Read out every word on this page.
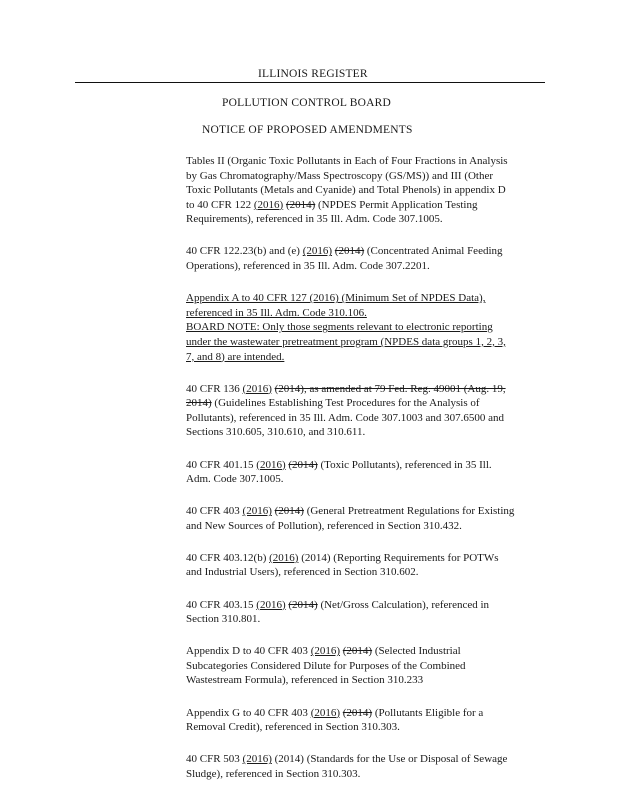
ILLINOIS REGISTER
POLLUTION CONTROL BOARD
NOTICE OF PROPOSED AMENDMENTS
Tables II (Organic Toxic Pollutants in Each of Four Fractions in Analysis
by Gas Chromatography/Mass Spectroscopy (GS/MS)) and III (Other
Toxic Pollutants (Metals and Cyanide) and Total Phenols) in appendix D
to 40 CFR 122 (2016) (2014) (NPDES Permit Application Testing
Requirements), referenced in 35 Ill. Adm. Code 307.1005.
40 CFR 122.23(b) and (e) (2016) (2014) (Concentrated Animal Feeding
Operations), referenced in 35 Ill. Adm. Code 307.2201.
Appendix A to 40 CFR 127 (2016) (Minimum Set of NPDES Data),
referenced in 35 Ill. Adm. Code 310.106.
BOARD NOTE: Only those segments relevant to electronic reporting
under the wastewater pretreatment program (NPDES data groups 1, 2, 3,
7, and 8) are intended.
40 CFR 136 (2016) (2014), as amended at 79 Fed. Reg. 49001 (Aug. 19,
2014) (Guidelines Establishing Test Procedures for the Analysis of
Pollutants), referenced in 35 Ill. Adm. Code 307.1003 and 307.6500 and
Sections 310.605, 310.610, and 310.611.
40 CFR 401.15 (2016) (2014) (Toxic Pollutants), referenced in 35 Ill.
Adm. Code 307.1005.
40 CFR 403 (2016) (2014) (General Pretreatment Regulations for Existing
and New Sources of Pollution), referenced in Section 310.432.
40 CFR 403.12(b) (2016) (2014) (Reporting Requirements for POTWs
and Industrial Users), referenced in Section 310.602.
40 CFR 403.15 (2016) (2014) (Net/Gross Calculation), referenced in
Section 310.801.
Appendix D to 40 CFR 403 (2016) (2014) (Selected Industrial
Subcategories Considered Dilute for Purposes of the Combined
Wastestream Formula), referenced in Section 310.233
Appendix G to 40 CFR 403 (2016) (2014) (Pollutants Eligible for a
Removal Credit), referenced in Section 310.303.
40 CFR 503 (2016) (2014) (Standards for the Use or Disposal of Sewage
Sludge), referenced in Section 310.303.
